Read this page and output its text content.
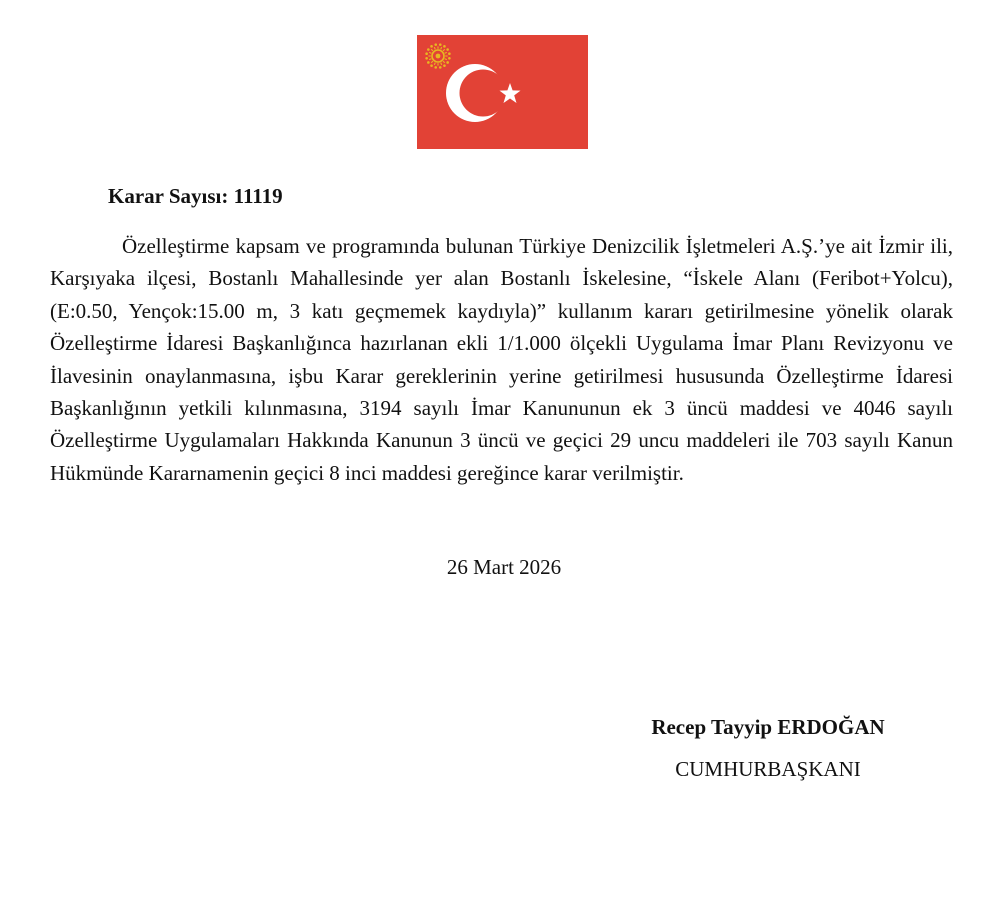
Karar Sayısı: 11119

Özelleştirme kapsam ve programında bulunan Türkiye Denizcilik İşletmeleri A.Ş.’ye ait İzmir ili, Karşıyaka ilçesi, Bostanlı Mahallesinde yer alan Bostanlı İskelesine, “İskele Alanı (Feribot+Yolcu), (E:0.50, Yençok:15.00 m, 3 katı geçmemek kaydıyla)” kullanım kararı getirilmesine yönelik olarak Özelleştirme İdaresi Başkanlığınca hazırlanan ekli 1/1.000 ölçekli Uygulama İmar Planı Revizyonu ve İlavesinin onaylanmasına, işbu Karar gereklerinin yerine getirilmesi hususunda Özelleştirme İdaresi Başkanlığının yetkili kılınmasına, 3194 sayılı İmar Kanununun ek 3 üncü maddesi ve 4046 sayılı Özelleştirme Uygulamaları Hakkında Kanunun 3 üncü ve geçici 29 uncu maddeleri ile 703 sayılı Kanun Hükmünde Kararnamenin geçici 8 inci maddesi gereğince karar verilmiştir.

26 Mart 2026

Recep Tayyip ERDOĞAN

CUMHURBAŞKANI
